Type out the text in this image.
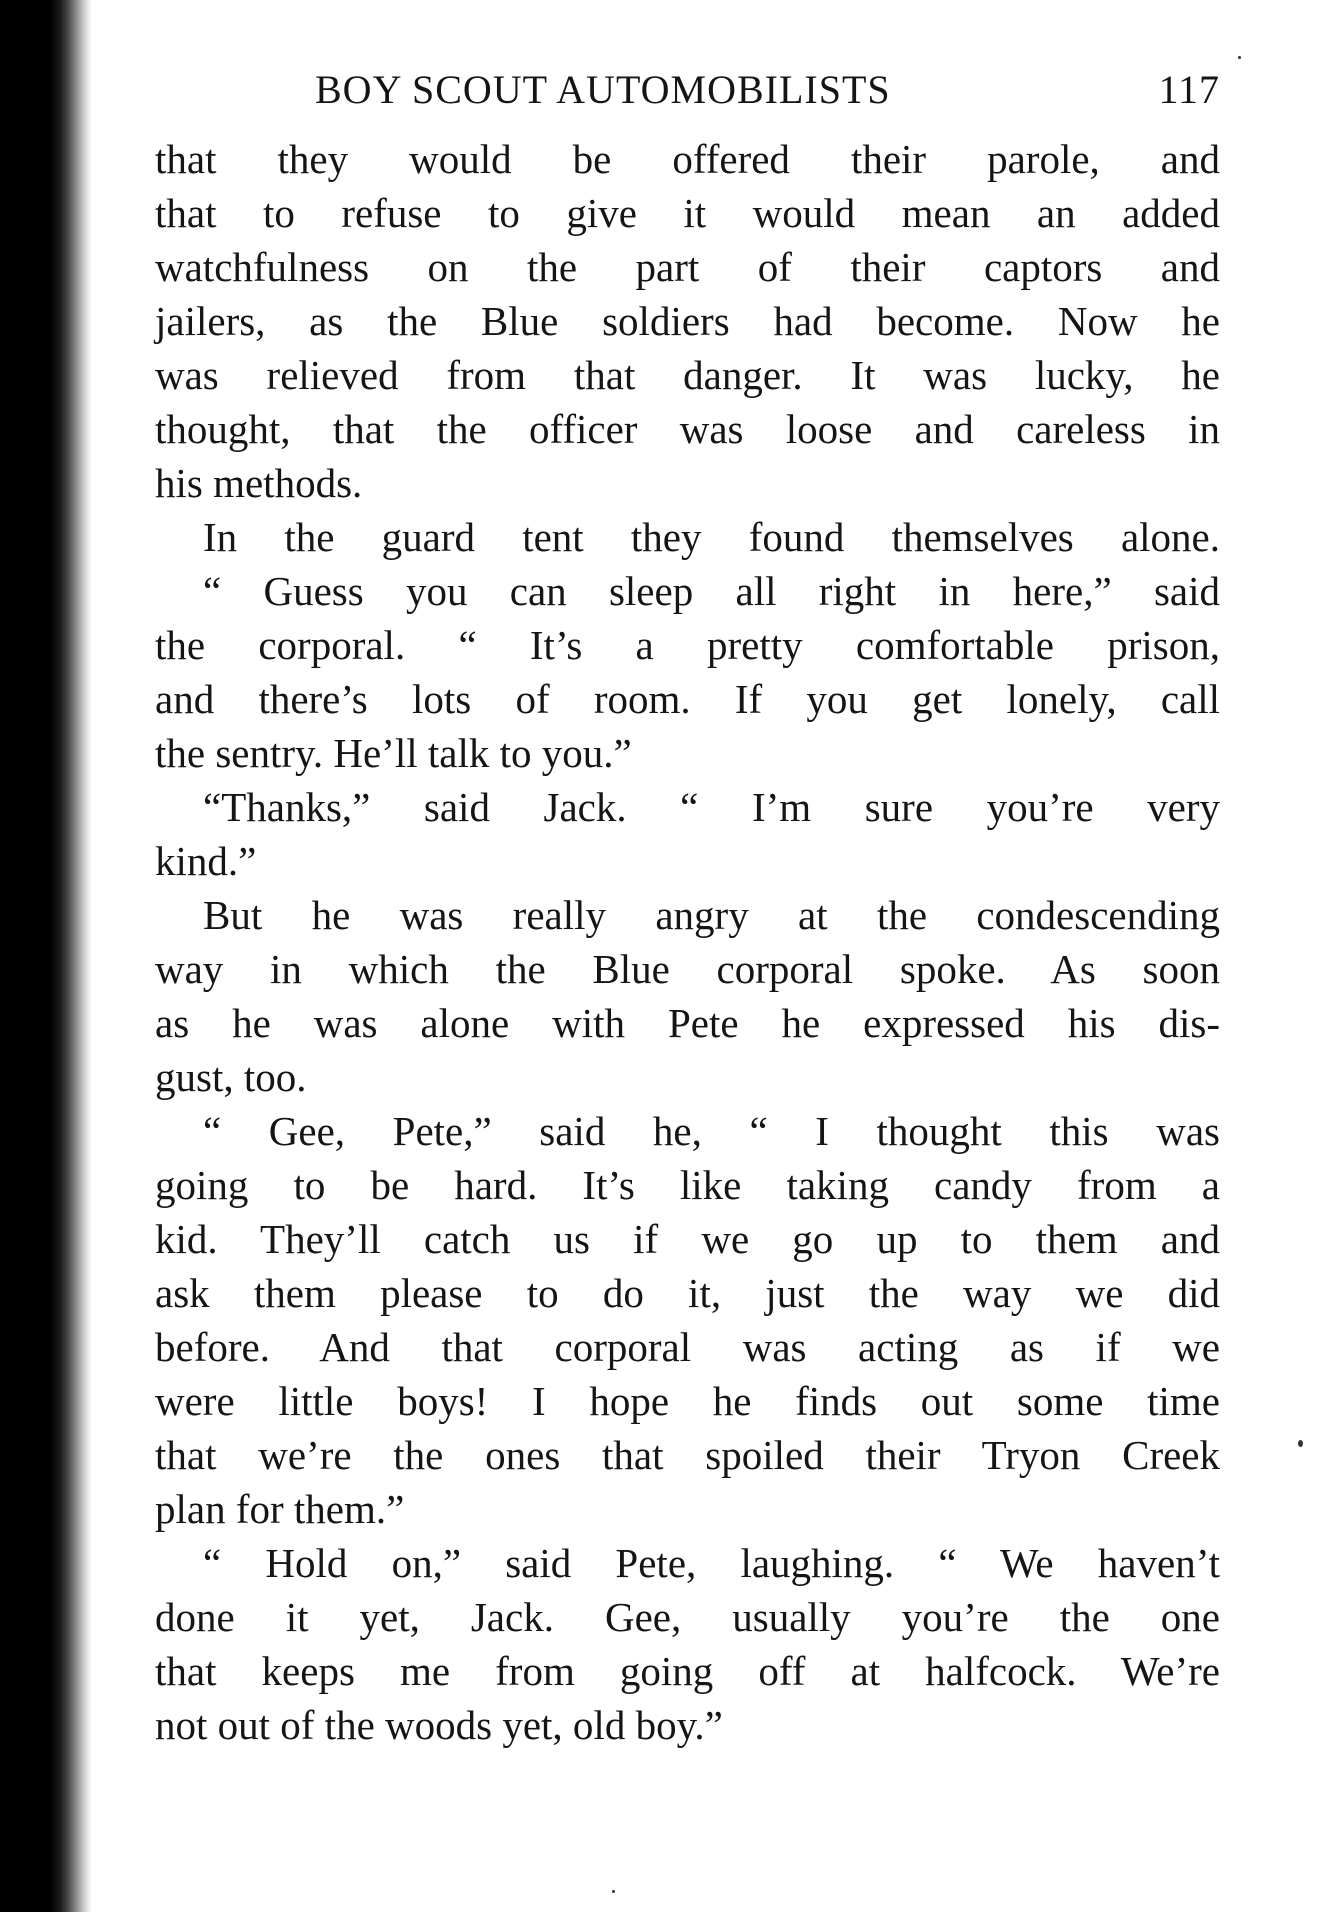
BOY SCOUT AUTOMOBILISTS	117
that they would be offered their parole, and
that to refuse to give it would mean an added
watchfulness on the part of their captors and
jailers, as the Blue soldiers had become. Now he
was relieved from that danger. It was lucky, he
thought, that the officer was loose and careless in
his methods.
In the guard tent they found themselves alone.
“ Guess you can sleep all right in here,” said
the corporal. “ It’s a pretty comfortable prison,
and there’s lots of room. If you get lonely, call
the sentry. He’ll talk to you.”
“Thanks,” said Jack. “ I’m sure you’re very
kind.”
But he was really angry at the condescending
way in which the Blue corporal spoke. As soon
as he was alone with Pete he expressed his dis-
gust, too.
“ Gee, Pete,” said he, “ I thought this was
going to be hard. It’s like taking candy from a
kid. They’ll catch us if we go up to them and
ask them please to do it, just the way we did
before. And that corporal was acting as if we
were little boys! I hope he finds out some time
that we’re the ones that spoiled their Tryon Creek
plan for them.”
“ Hold on,” said Pete, laughing. “ We haven’t
done it yet, Jack. Gee, usually you’re the one
that keeps me from going off at halfcock. We’re
not out of the woods yet, old boy.”
